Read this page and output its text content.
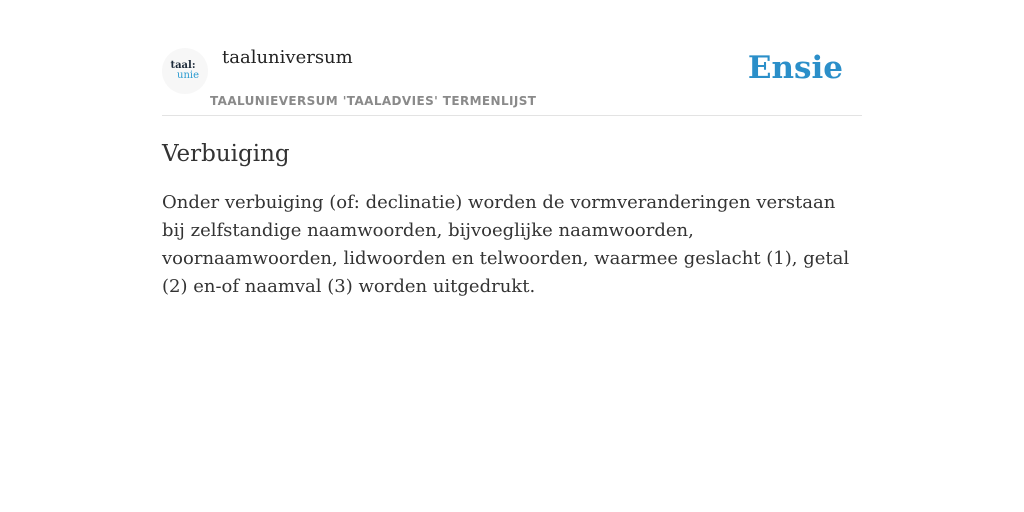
taal:
unie
taaluniversum
TAALUNIEVERSUM 'TAALADVIES' TERMENLIJST
Ensie
Verbuiging

Onder verbuiging (of: declinatie) worden de vormveranderingen verstaan bij zelfstandige naamwoorden, bijvoeglijke naamwoorden, voornaamwoorden, lidwoorden en telwoorden, waarmee geslacht (1), getal (2) en-of naamval (3) worden uitgedrukt.
